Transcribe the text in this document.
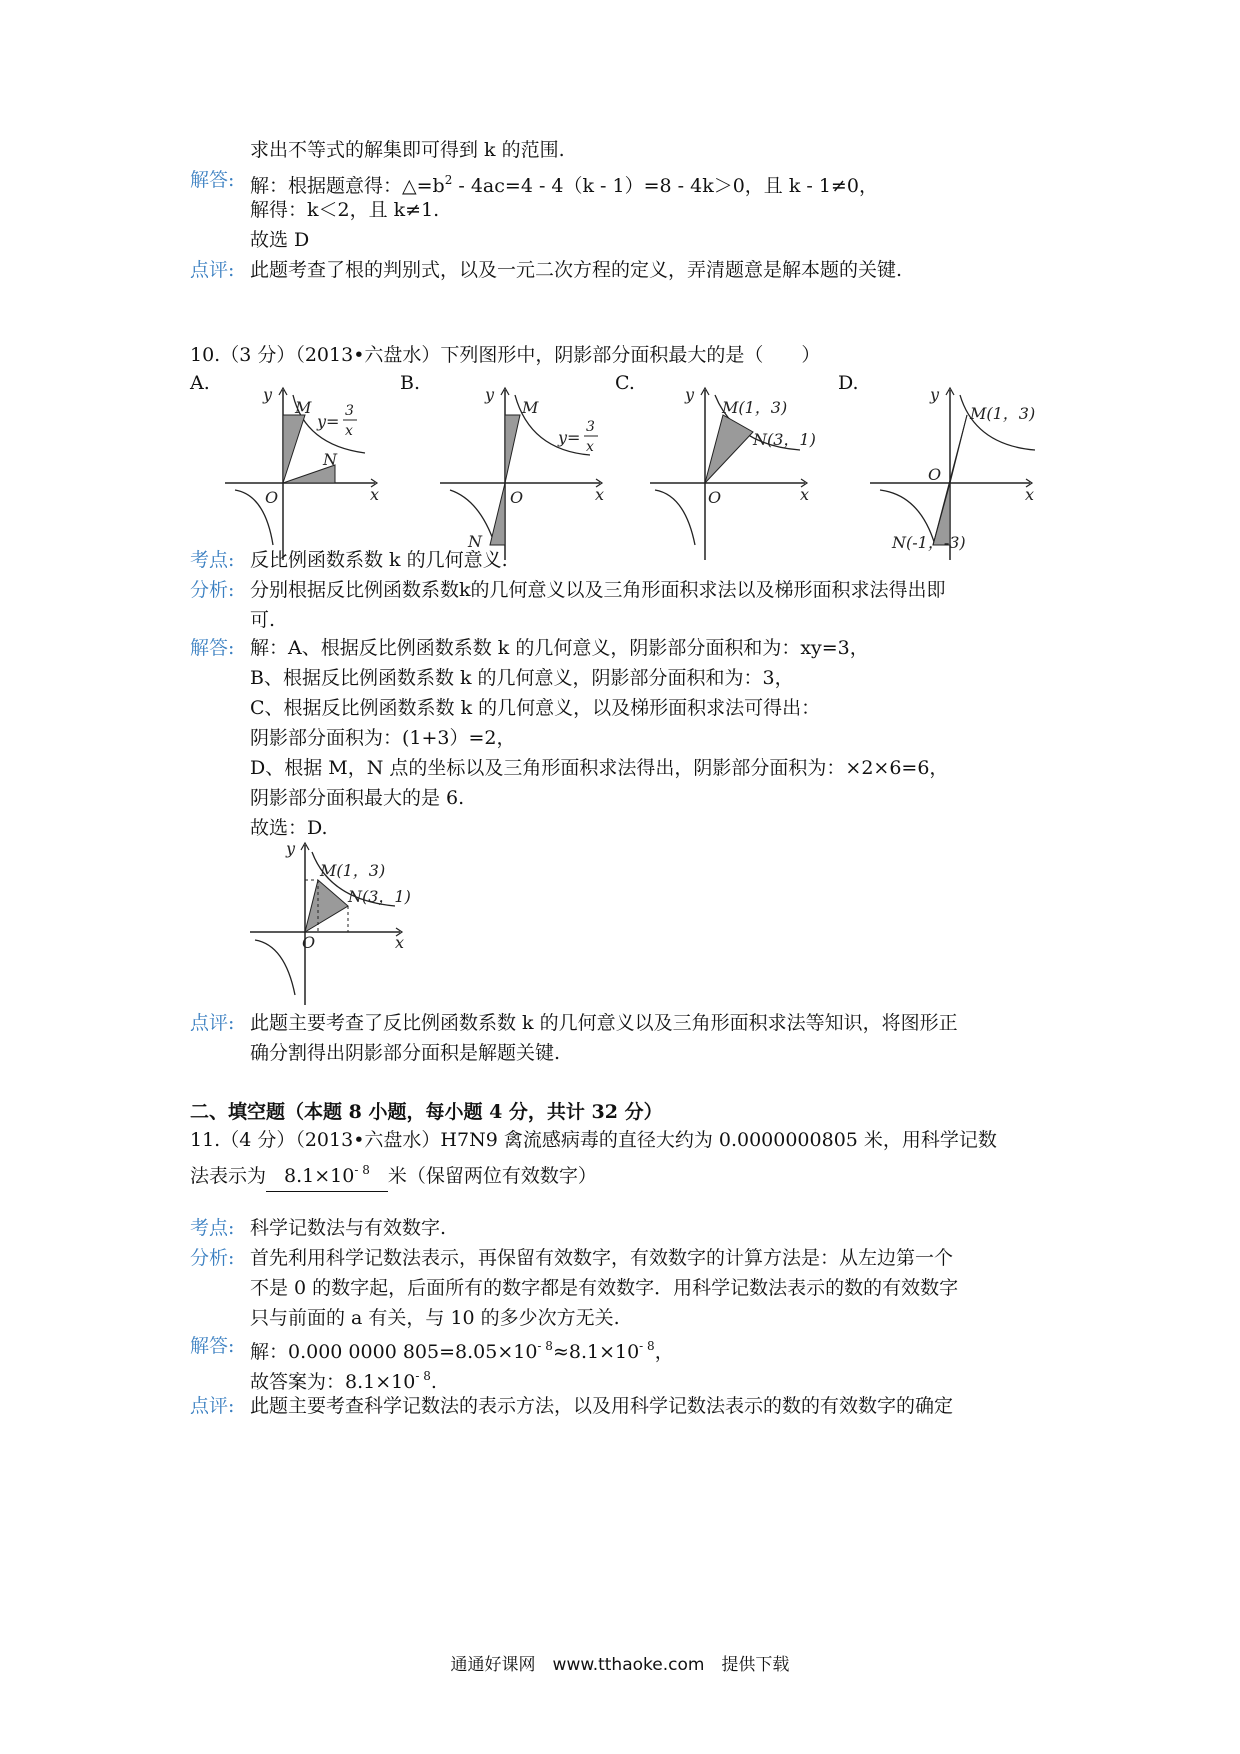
求出不等式的解集即可得到 k 的范围.
解答: 解：根据题意得：$\triangle=b^2 - 4ac=4 - 4(k - 1)=8 - 4k>0$，且 k - 1≠0，
解得：k＜2，且 k≠1.
故选 D
点评: 此题考查了根的判别式，以及一元二次方程的定义，弄清题意是解本题的关键.
10.（3 分）（2013•六盘水）下列图形中，阴影部分面积最大的是（　　）
A.	B.	C.	D.
y
x
O
M
N
y=
3
x
y
x
O
M
N
y=
3
x
y
x
O
M(1，3)
N(3，1)
y
x
O
M(1，3)
N(-1，-3)
考点: 反比例函数系数 k 的几何意义.
分析: 分别根据反比例函数系数k的几何意义以及三角形面积求法以及梯形面积求法得出即
可.
解答: 解：A、根据反比例函数系数 k 的几何意义，阴影部分面积和为：xy=3，
B、根据反比例函数系数 k 的几何意义，阴影部分面积和为：3，
C、根据反比例函数系数 k 的几何意义，以及梯形面积求法可得出：
阴影部分面积为：(1+3）=2，
D、根据 M，N 点的坐标以及三角形面积求法得出，阴影部分面积为：×2×6=6，
阴影部分面积最大的是 6.
故选：D.
y
x
O
M(1，3)
N(3，1)
点评: 此题主要考查了反比例函数系数 k 的几何意义以及三角形面积求法等知识，将图形正
确分割得出阴影部分面积是解题关键.
二、填空题（本题 8 小题，每小题 4 分，共计 32 分）
11.（4 分）（2013•六盘水）H7N9 禽流感病毒的直径大约为 0.0000000805 米，用科学记数
法表示为 $8.1\times 10^{- 8}$ 米（保留两位有效数字）
考点: 科学记数法与有效数字.
分析: 首先利用科学记数法表示，再保留有效数字，有效数字的计算方法是：从左边第一个
不是 0 的数字起，后面所有的数字都是有效数字．用科学记数法表示的数的有效数字
只与前面的 a 有关，与 10 的多少次方无关.
解答: 解：0.000 0000 $805=8.05\times 10^{- 8}\approx 8.1\times 10^{- 8}$，
故答案为：$8.1\times 10^{- 8}$.
点评: 此题主要考查科学记数法的表示方法，以及用科学记数法表示的数的有效数字的确定
通通好课网　www.tthaoke.com　提供下载
